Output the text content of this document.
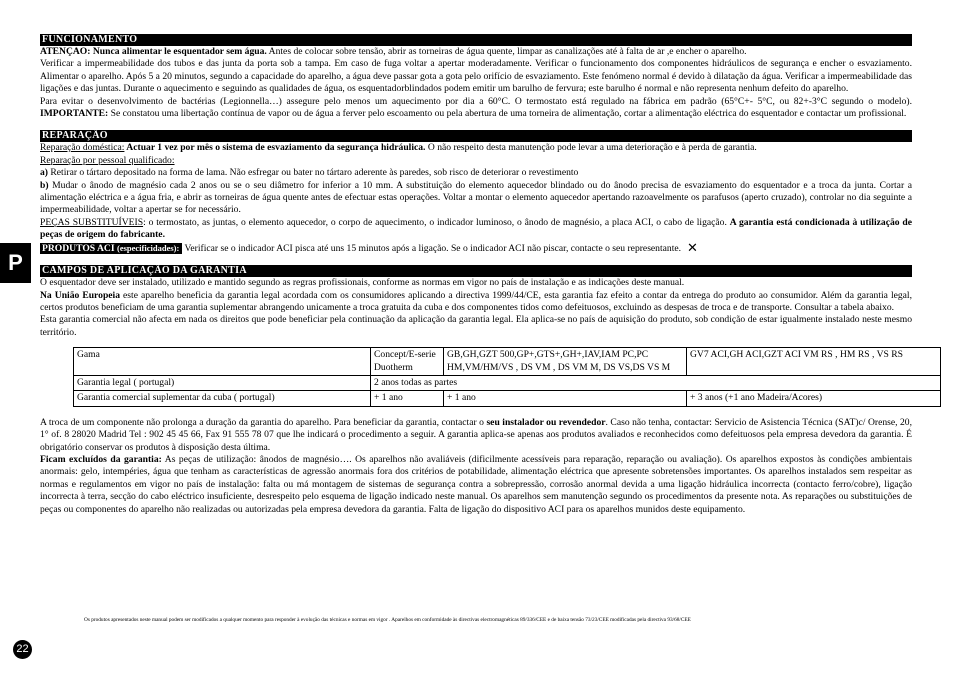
P
FUNCIONAMENTO

ATENÇAO: Nunca alimentar le esquentador sem água. Antes de colocar sobre tensão, abrir as torneiras de água quente, limpar as canalizações até à falta de ar ,e encher o aparelho.

Verificar a impermeabilidade dos tubos e das junta da porta sob a tampa. Em caso de fuga voltar a apertar moderadamente. Verificar o funcionamento dos componentes hidráulicos de segurança e encher o esvaziamento. Alimentar o aparelho. Após 5 a 20 minutos, segundo a capacidade do aparelho, a água deve passar gota a gota pelo orifício de esvaziamento. Este fenómeno normal é devido à dilatação da água. Verificar a impermeabilidade das ligações e das juntas. Durante o aquecimento e seguindo as qualidades de água, os esquentadorblindados podem emitir um barulho de fervura; este barulho é normal e não representa nenhum defeito do aparelho.

Para evitar o desenvolvimento de bactérias (Legionnella…) assegure pelo menos um aquecimento por dia a 60°C. O termostato está regulado na fábrica em padrão (65°C+- 5°C, ou 82+-3°C segundo o modelo). IMPORTANTE: Se constatou uma libertação contínua de vapor ou de água a ferver pelo escoamento ou pela abertura de uma torneira de alimentação, cortar a alimentação eléctrica do esquentador e contactar um profissional.

REPARAÇÃO

Reparação doméstica: Actuar 1 vez por mês o sistema de esvaziamento da segurança hidráulica. O não respeito desta manutenção pode levar a uma deterioração e à perda de garantia.

Reparação por pessoal qualificado:

a) Retirar o tártaro depositado na forma de lama. Não esfregar ou bater no tártaro aderente às paredes, sob risco de deteriorar o revestimento

b) Mudar o ânodo de magnésio cada 2 anos ou se o seu diâmetro for inferior a 10 mm. A substituição do elemento aquecedor blindado ou do ânodo precisa de esvaziamento do esquentador e a troca da junta. Cortar a alimentação eléctrica e a água fria, e abrir as torneiras de água quente antes de efectuar estas operações. Voltar a montar o elemento aquecedor apertando razoavelmente os parafusos (aperto cruzado), controlar no dia seguinte a impermeabilidade, voltar a apertar se for necessário.

PEÇAS SUBSTITUÍVEIS: o termostato, as juntas, o elemento aquecedor, o corpo de aquecimento, o indicador luminoso, o ânodo de magnésio, a placa ACI, o cabo de ligação. A garantia está condicionada à utilização de peças de origem do fabricante.

PRODUTOS ACI (especificidades): Verificar se o indicador ACI pisca até uns 15 minutos após a ligação. Se o indicador ACI não piscar, contacte o seu representante. ✕

CAMPOS DE APLICAÇÃO DA GARANTIA

O esquentador deve ser instalado, utilizado e mantido segundo as regras profissionais, conforme as normas em vigor no país de instalação e as indicações deste manual.

Na União Europeia este aparelho beneficia da garantia legal acordada com os consumidores aplicando a directiva 1999/44/CE, esta garantia faz efeito a contar da entrega do produto ao consumidor. Além da garantia legal, certos produtos beneficiam de uma garantia suplementar abrangendo unicamente a troca gratuita da cuba e dos componentes tidos como defeituosos, excluindo as despesas de troca e de transporte. Consultar a tabela abaixo.

Esta garantia comercial não afecta em nada os direitos que pode beneficiar pela continuação da aplicação da garantia legal. Ela aplica-se no país de aquisição do produto, sob condição de estar igualmente instalado neste mesmo território.

Gama	Concept/E-serie Duotherm	GB,GH,GZT 500,GP+,GTS+,GH+,IAV,IAM PC,PC HM,VM/HM/VS , DS VM , DS VM M, DS VS,DS VS M	GV7 ACI,GH ACI,GZT ACI VM RS , HM RS , VS RS
Garantia legal ( portugal)	2 anos todas as partes		
Garantia comercial suplementar da cuba ( portugal)	+ 1 ano	+ 1 ano	+ 3 anos (+1 ano Madeira/Acores)

A troca de um componente não prolonga a duração da garantia do aparelho. Para beneficiar da garantia, contactar o seu instalador ou revendedor. Caso não tenha, contactar: Servicio de Asistencia Técnica (SAT)c/ Orense, 20, 1° of. 8 28020 Madrid Tel : 902 45 45 66, Fax 91 555 78 07 que lhe indicará o procedimento a seguir. A garantia aplica-se apenas aos produtos avaliados e reconhecidos como defeituosos pela empresa devedora da garantia. É obrigatório conservar os produtos à disposição desta última.

Ficam excluídos da garantia: As peças de utilização: ânodos de magnésio…. Os aparelhos não avaliáveis (dificilmente acessíveis para reparação, reparação ou avaliação). Os aparelhos expostos às condições ambientais anormais: gelo, intempéries, água que tenham as características de agressão anormais fora dos critérios de potabilidade, alimentação eléctrica que apresente sobretensões importantes. Os aparelhos instalados sem respeitar as normas e regulamentos em vigor no país de instalação: falta ou má montagem de sistemas de segurança contra a sobrepressão, corrosão anormal devida a uma ligação hidráulica incorrecta (contacto ferro/cobre), ligação incorrecta à terra, secção do cabo eléctrico insuficiente, desrespeito pelo esquema de ligação indicado neste manual. Os aparelhos sem manutenção segundo os procedimentos da presente nota. As reparações ou substituições de peças ou componentes do aparelho não realizadas ou autorizadas pela empresa devedora da garantia. Falta de ligação do dispositivo ACI para os aparelhos munidos deste equipamento.

Os produtos apresentados neste manual podem ser modificados a qualquer momento para responder à evolução das técnicas e normas em vigor . Aparelhos em conformidade às directivas electromagnéticas 89/336/CEE e de baixa tensão 73/23/CEE modificadas pela directiva 93/68/CEE
22
